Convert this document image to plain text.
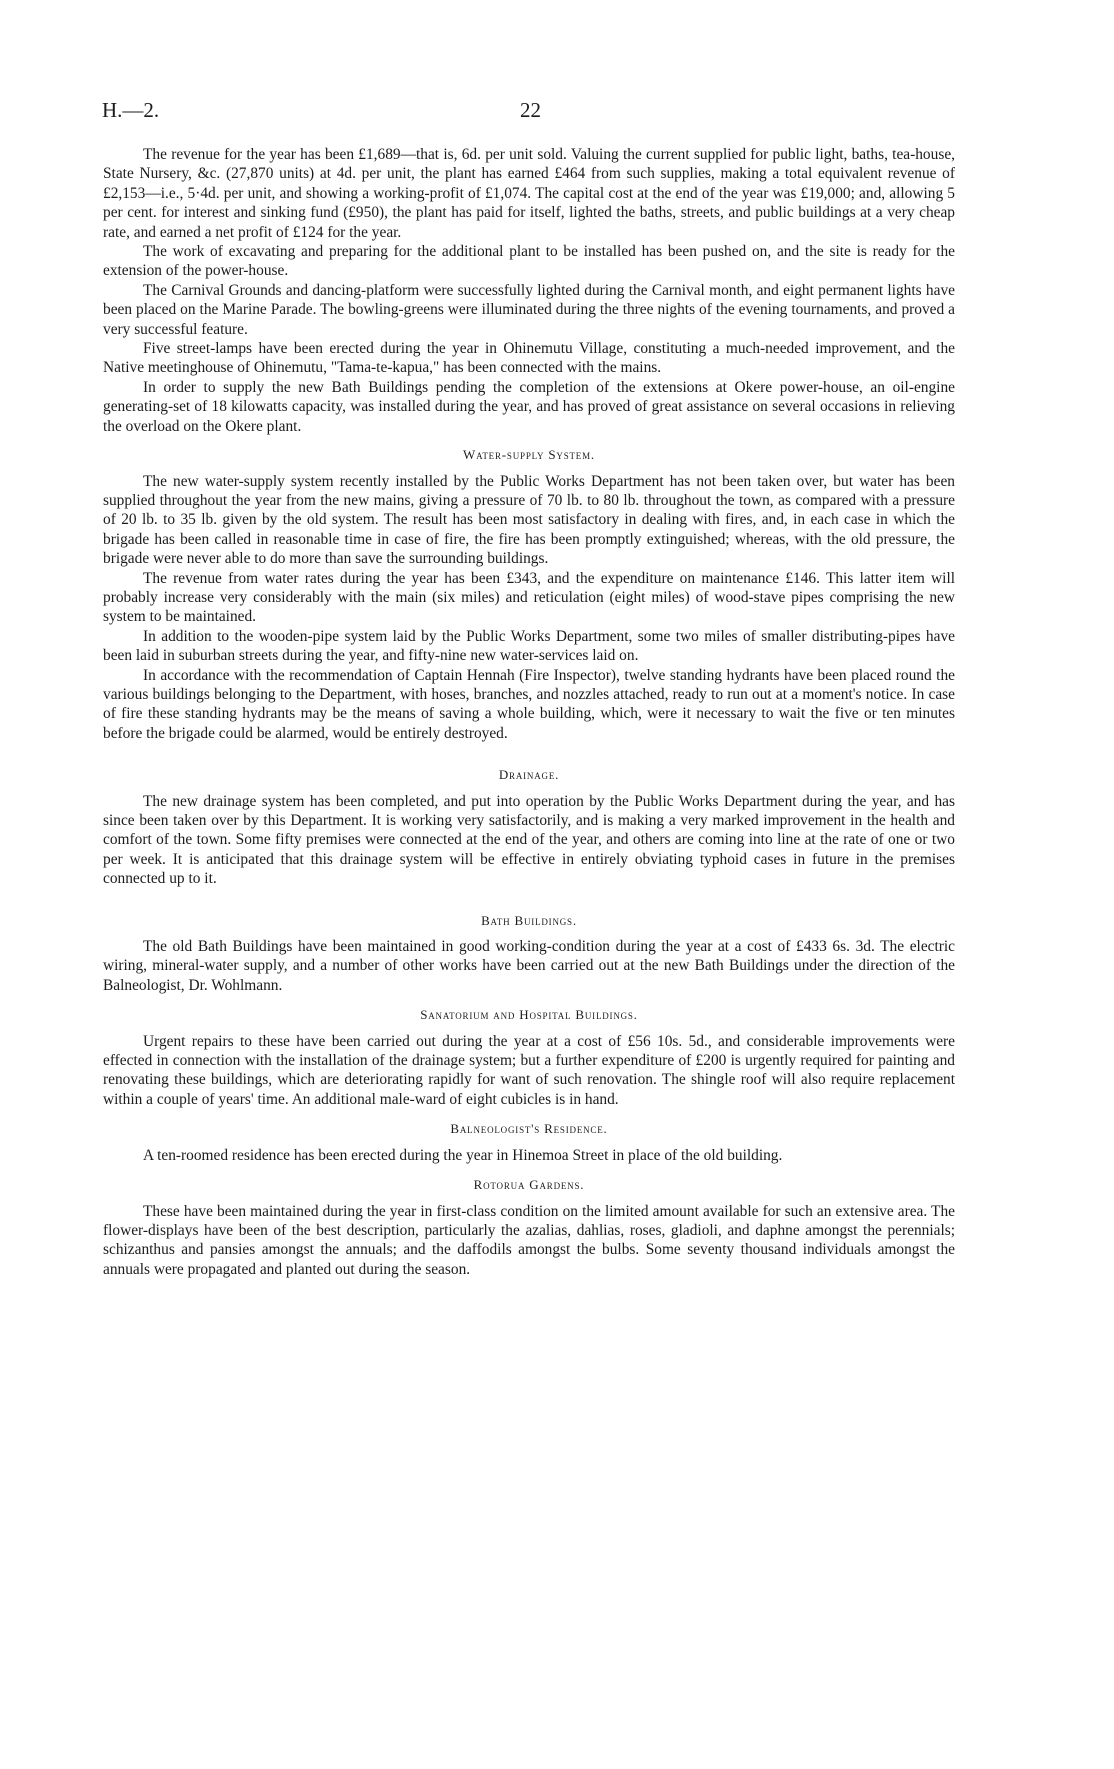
H.—2.	22

The revenue for the year has been £1,689—that is, 6d. per unit sold. Valuing the current supplied for public light, baths, tea-house, State Nursery, &c. (27,870 units) at 4d. per unit, the plant has earned £464 from such supplies, making a total equivalent revenue of £2,153—i.e., 5·4d. per unit, and showing a working-profit of £1,074. The capital cost at the end of the year was £19,000; and, allowing 5 per cent. for interest and sinking fund (£950), the plant has paid for itself, lighted the baths, streets, and public buildings at a very cheap rate, and earned a net profit of £124 for the year.

The work of excavating and preparing for the additional plant to be installed has been pushed on, and the site is ready for the extension of the power-house.

The Carnival Grounds and dancing-platform were successfully lighted during the Carnival month, and eight permanent lights have been placed on the Marine Parade. The bowling-greens were illuminated during the three nights of the evening tournaments, and proved a very successful feature.

Five street-lamps have been erected during the year in Ohinemutu Village, constituting a much-needed improvement, and the Native meetinghouse of Ohinemutu, "Tama-te-kapua," has been connected with the mains.

In order to supply the new Bath Buildings pending the completion of the extensions at Okere power-house, an oil-engine generating-set of 18 kilowatts capacity, was installed during the year, and has proved of great assistance on several occasions in relieving the overload on the Okere plant.

Water-supply System.

The new water-supply system recently installed by the Public Works Department has not been taken over, but water has been supplied throughout the year from the new mains, giving a pressure of 70 lb. to 80 lb. throughout the town, as compared with a pressure of 20 lb. to 35 lb. given by the old system. The result has been most satisfactory in dealing with fires, and, in each case in which the brigade has been called in reasonable time in case of fire, the fire has been promptly extinguished; whereas, with the old pressure, the brigade were never able to do more than save the surrounding buildings.

The revenue from water rates during the year has been £343, and the expenditure on maintenance £146. This latter item will probably increase very considerably with the main (six miles) and reticulation (eight miles) of wood-stave pipes comprising the new system to be maintained.

In addition to the wooden-pipe system laid by the Public Works Department, some two miles of smaller distributing-pipes have been laid in suburban streets during the year, and fifty-nine new water-services laid on.

In accordance with the recommendation of Captain Hennah (Fire Inspector), twelve standing hydrants have been placed round the various buildings belonging to the Department, with hoses, branches, and nozzles attached, ready to run out at a moment's notice. In case of fire these standing hydrants may be the means of saving a whole building, which, were it necessary to wait the five or ten minutes before the brigade could be alarmed, would be entirely destroyed.

Drainage.

The new drainage system has been completed, and put into operation by the Public Works Department during the year, and has since been taken over by this Department. It is working very satisfactorily, and is making a very marked improvement in the health and comfort of the town. Some fifty premises were connected at the end of the year, and others are coming into line at the rate of one or two per week. It is anticipated that this drainage system will be effective in entirely obviating typhoid cases in future in the premises connected up to it.

Bath Buildings.

The old Bath Buildings have been maintained in good working-condition during the year at a cost of £433 6s. 3d. The electric wiring, mineral-water supply, and a number of other works have been carried out at the new Bath Buildings under the direction of the Balneologist, Dr. Wohlmann.

Sanatorium and Hospital Buildings.

Urgent repairs to these have been carried out during the year at a cost of £56 10s. 5d., and considerable improvements were effected in connection with the installation of the drainage system; but a further expenditure of £200 is urgently required for painting and renovating these buildings, which are deteriorating rapidly for want of such renovation. The shingle roof will also require replacement within a couple of years' time. An additional male-ward of eight cubicles is in hand.

Balneologist's Residence.

A ten-roomed residence has been erected during the year in Hinemoa Street in place of the old building.

Rotorua Gardens.

These have been maintained during the year in first-class condition on the limited amount available for such an extensive area. The flower-displays have been of the best description, particularly the azalias, dahlias, roses, gladioli, and daphne amongst the perennials; schizanthus and pansies amongst the annuals; and the daffodils amongst the bulbs. Some seventy thousand individuals amongst the annuals were propagated and planted out during the season.
